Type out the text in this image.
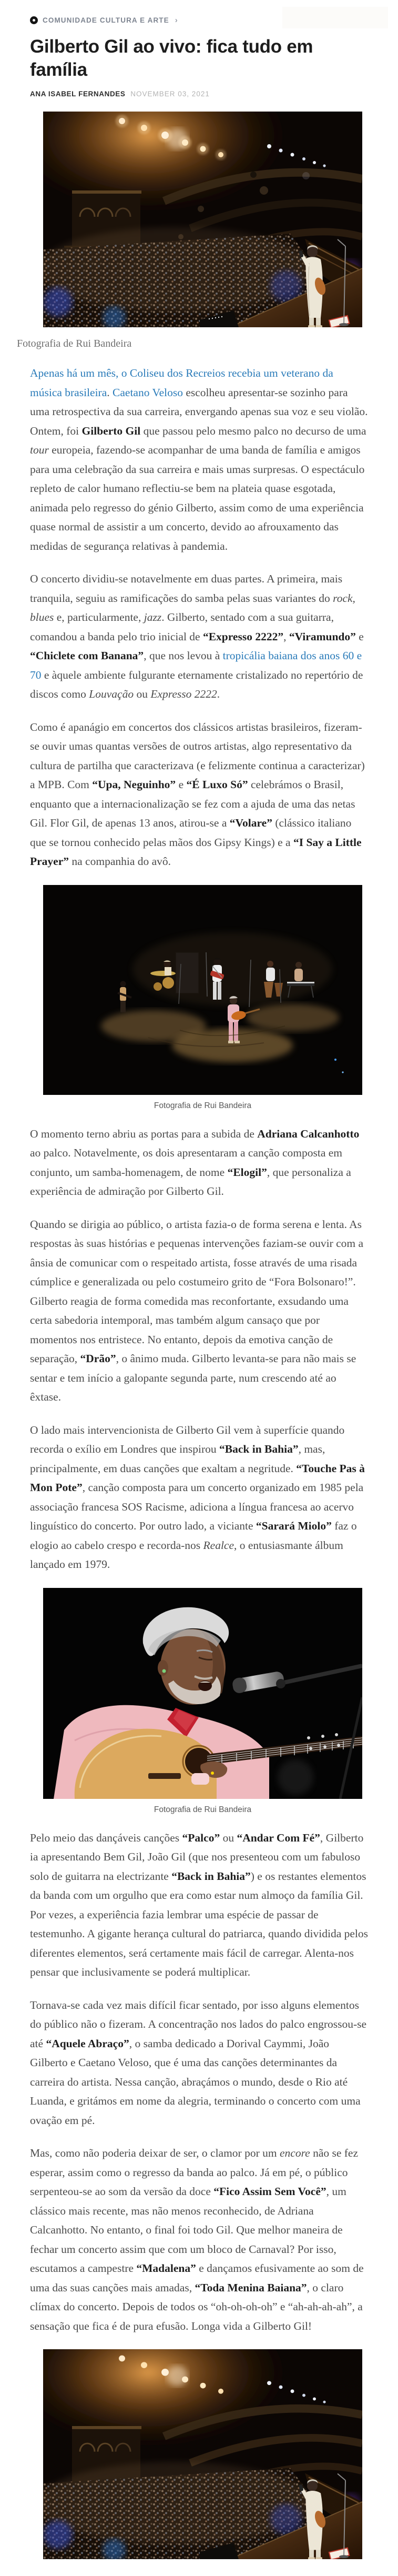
COMUNIDADE CULTURA E ARTE ›
Gilberto Gil ao vivo: fica tudo em família
ANA ISABEL FERNANDES NOVEMBER 03, 2021

Fotografia de Rui Bandeira

Apenas há um mês, o Coliseu dos Recreios recebia um veterano da música brasileira. Caetano Veloso escolheu apresentar-se sozinho para uma retrospectiva da sua carreira, envergando apenas sua voz e seu violão. Ontem, foi Gilberto Gil que passou pelo mesmo palco no decurso de uma tour europeia, fazendo-se acompanhar de uma banda de família e amigos para uma celebração da sua carreira e mais umas surpresas. O espectáculo repleto de calor humano reflectiu-se bem na plateia quase esgotada, animada pelo regresso do génio Gilberto, assim como de uma experiência quase normal de assistir a um concerto, devido ao afrouxamento das medidas de segurança relativas à pandemia.

O concerto dividiu-se notavelmente em duas partes. A primeira, mais tranquila, seguiu as ramificações do samba pelas suas variantes do rock, blues e, particularmente, jazz. Gilberto, sentado com a sua guitarra, comandou a banda pelo trio inicial de “Expresso 2222”, “Viramundo” e “Chiclete com Banana”, que nos levou à tropicália baiana dos anos 60 e 70 e àquele ambiente fulgurante eternamente cristalizado no repertório de discos como Louvação ou Expresso 2222.

Como é apanágio em concertos dos clássicos artistas brasileiros, fizeram-se ouvir umas quantas versões de outros artistas, algo representativo da cultura de partilha que caracterizava (e felizmente continua a caracterizar) a MPB. Com “Upa, Neguinho” e “É Luxo Só” celebrámos o Brasil, enquanto que a internacionalização se fez com a ajuda de uma das netas Gil. Flor Gil, de apenas 13 anos, atirou-se a “Volare” (clássico italiano que se tornou conhecido pelas mãos dos Gipsy Kings) e a “I Say a Little Prayer” na companhia do avô.

Fotografia de Rui Bandeira

O momento terno abriu as portas para a subida de Adriana Calcanhotto ao palco. Notavelmente, os dois apresentaram a canção composta em conjunto, um samba-homenagem, de nome “Elogil”, que personaliza a experiência de admiração por Gilberto Gil.

Quando se dirigia ao público, o artista fazia-o de forma serena e lenta. As respostas às suas histórias e pequenas intervenções faziam-se ouvir com a ânsia de comunicar com o respeitado artista, fosse através de uma risada cúmplice e generalizada ou pelo costumeiro grito de “Fora Bolsonaro!”. Gilberto reagia de forma comedida mas reconfortante, exsudando uma certa sabedoria intemporal, mas também algum cansaço que por momentos nos entristece. No entanto, depois da emotiva canção de separação, “Drão”, o ânimo muda. Gilberto levanta-se para não mais se sentar e tem início a galopante segunda parte, num crescendo até ao êxtase.

O lado mais intervencionista de Gilberto Gil vem à superfície quando recorda o exílio em Londres que inspirou “Back in Bahia”, mas, principalmente, em duas canções que exaltam a negritude. “Touche Pas à Mon Pote”, canção composta para um concerto organizado em 1985 pela associação francesa SOS Racisme, adiciona a língua francesa ao acervo linguístico do concerto. Por outro lado, a viciante “Sarará Miolo” faz o elogio ao cabelo crespo e recorda-nos Realce, o entusiasmante álbum lançado em 1979.

Fotografia de Rui Bandeira

Pelo meio das dançáveis canções “Palco” ou “Andar Com Fé”, Gilberto ia apresentando Bem Gil, João Gil (que nos presenteou com um fabuloso solo de guitarra na electrizante “Back in Bahia”) e os restantes elementos da banda com um orgulho que era como estar num almoço da família Gil. Por vezes, a experiência fazia lembrar uma espécie de passar de testemunho. A gigante herança cultural do patriarca, quando dividida pelos diferentes elementos, será certamente mais fácil de carregar. Alenta-nos pensar que inclusivamente se poderá multiplicar.

Tornava-se cada vez mais difícil ficar sentado, por isso alguns elementos do público não o fizeram. A concentração nos lados do palco engrossou-se até “Aquele Abraço”, o samba dedicado a Dorival Caymmi, João Gilberto e Caetano Veloso, que é uma das canções determinantes da carreira do artista. Nessa canção, abraçámos o mundo, desde o Rio até Luanda, e gritámos em nome da alegria, terminando o concerto com uma ovação em pé.

Mas, como não poderia deixar de ser, o clamor por um encore não se fez esperar, assim como o regresso da banda ao palco. Já em pé, o público serpenteou-se ao som da versão da doce “Fico Assim Sem Você”, um clássico mais recente, mas não menos reconhecido, de Adriana Calcanhotto. No entanto, o final foi todo Gil. Que melhor maneira de fechar um concerto assim que com um bloco de Carnaval? Por isso, escutamos a campestre “Madalena” e dançamos efusivamente ao som de uma das suas canções mais amadas, “Toda Menina Baiana”, o claro clímax do concerto. Depois de todos os “oh-oh-oh-oh” e “ah-ah-ah-ah”, a sensação que fica é de pura efusão. Longa vida a Gilberto Gil!
